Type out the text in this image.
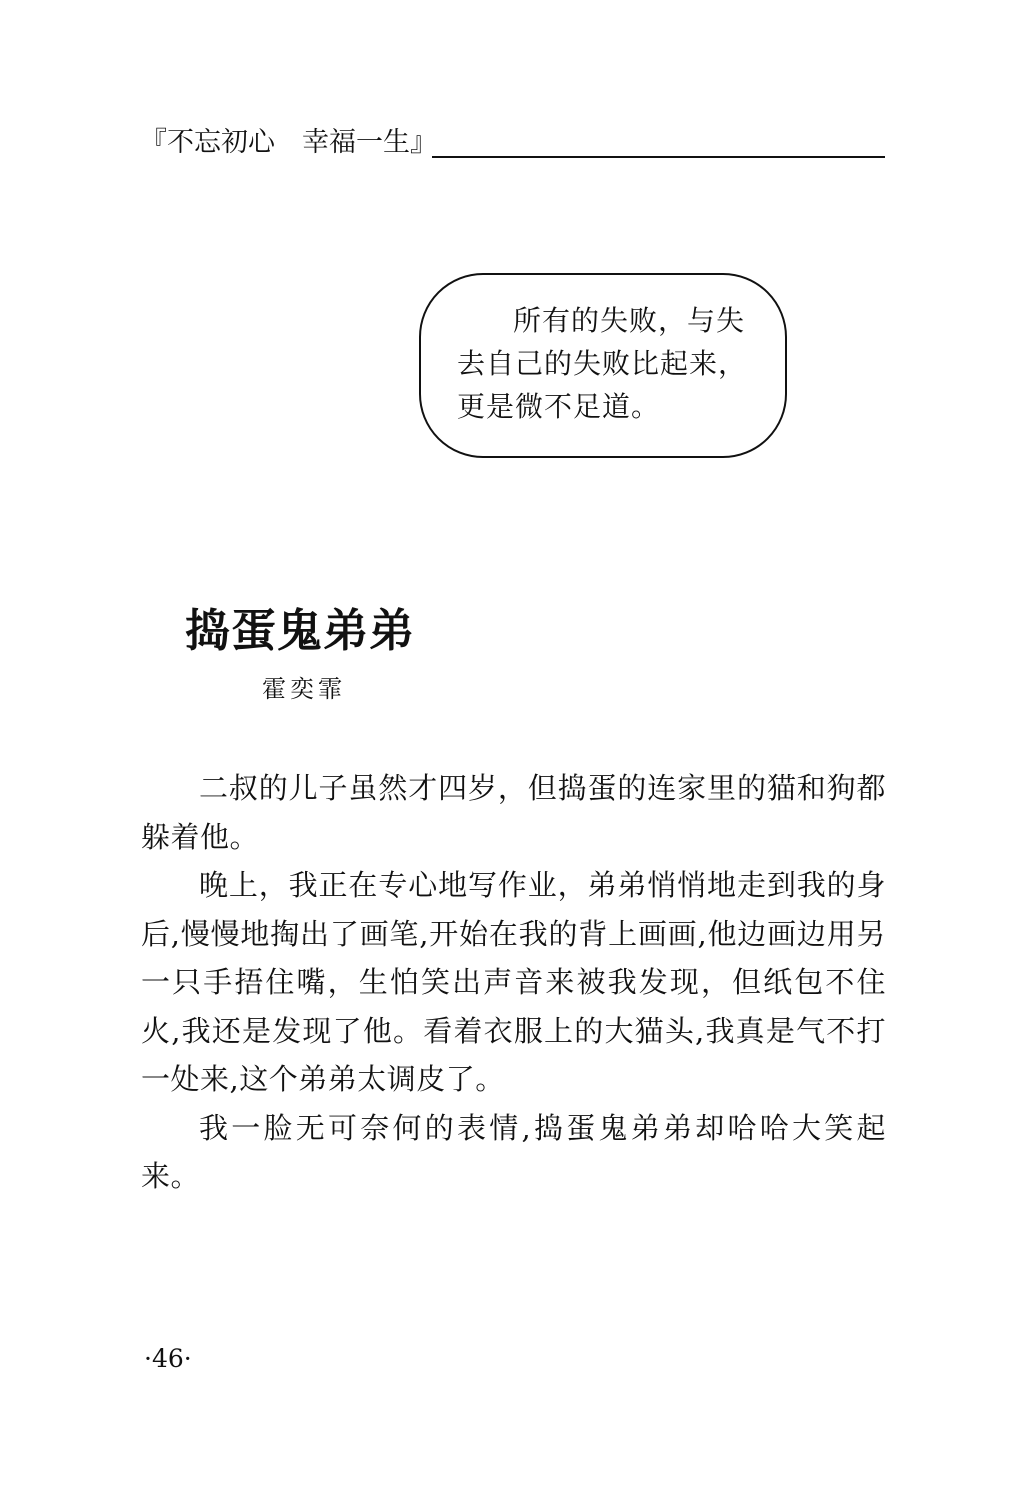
『不忘初心　幸福一生』
所有的失败，与失去自己的失败比起来，更是微不足道。
捣蛋鬼弟弟
霍奕霏

二叔的儿子虽然才四岁，但捣蛋的连家里的猫和狗都躲着他。

晚上，我正在专心地写作业，弟弟悄悄地走到我的身后,慢慢地掏出了画笔,开始在我的背上画画,他边画边用另一只手捂住嘴，生怕笑出声音来被我发现，但纸包不住火,我还是发现了他。看着衣服上的大猫头,我真是气不打一处来,这个弟弟太调皮了。

我一脸无可奈何的表情,捣蛋鬼弟弟却哈哈大笑起来。

·46·
